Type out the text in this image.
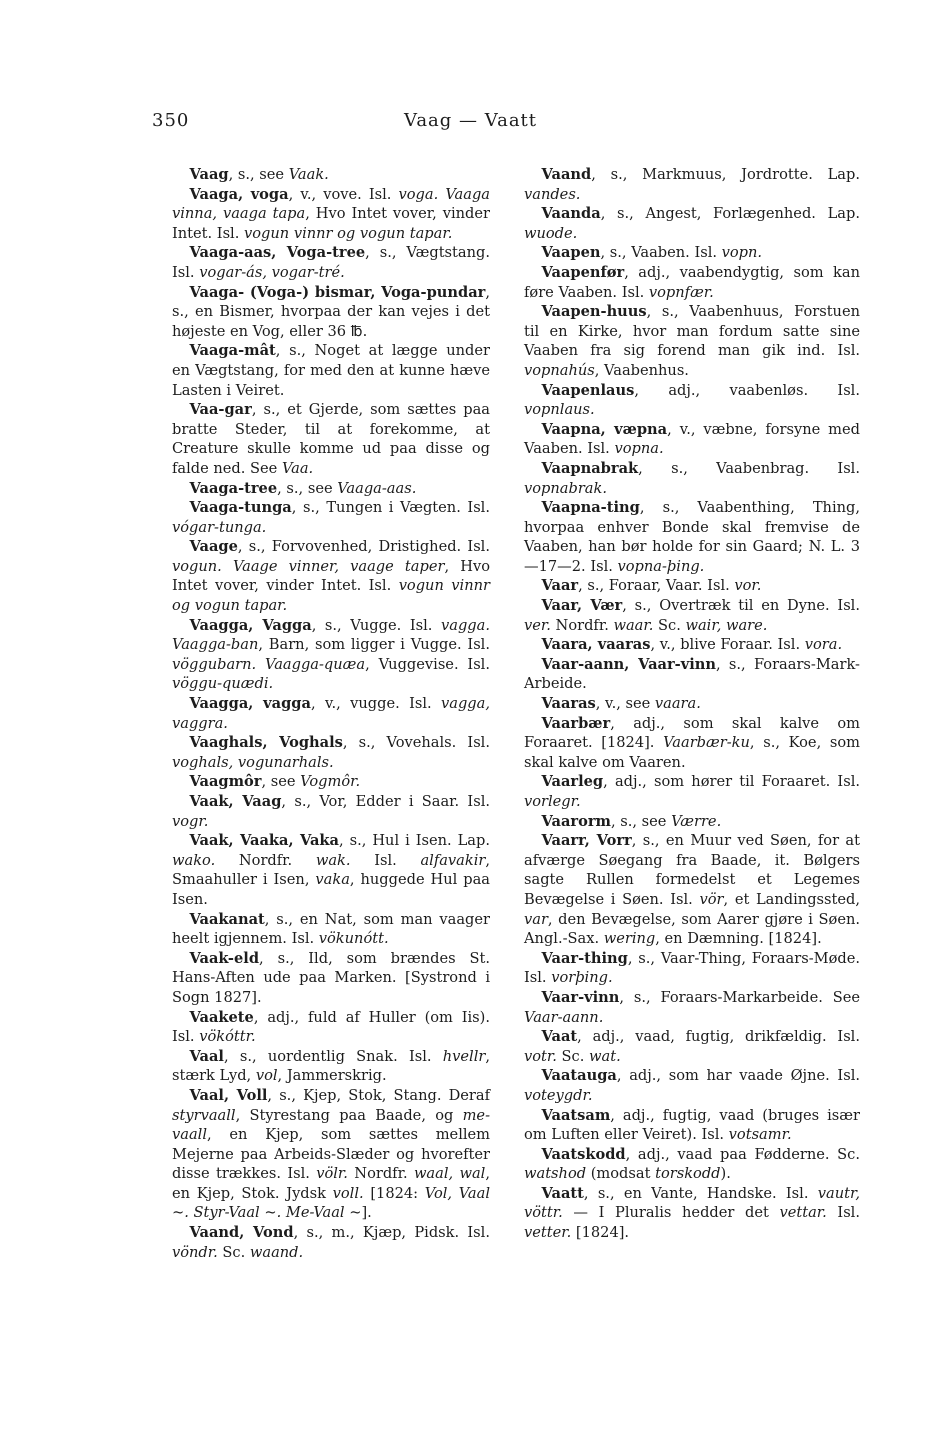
350	Vaag — Vaatt

Vaag, s., see Vaak.

Vaaga, voga, v., vove. Isl. voga. Vaaga vinna, vaaga tapa, Hvo Intet vover, vinder Intet. Isl. vogun vinnr og vogun tapar.

Vaaga-aas, Voga-tree, s., Vægtstang. Isl. vogar-ás, vogar-tré.

Vaaga- (Voga-) bismar, Voga-pundar, s., en Bismer, hvorpaa der kan vejes i det højeste en Vog, eller 36 ℔.

Vaaga-mât, s., Noget at lægge under en Vægtstang, for med den at kunne hæve Lasten i Veiret.

Vaa-gar, s., et Gjerde, som sættes paa bratte Steder, til at forekomme, at Creature skulle komme ud paa disse og falde ned. See Vaa.

Vaaga-tree, s., see Vaaga-aas.

Vaaga-tunga, s., Tungen i Vægten. Isl. vógar-tunga.

Vaage, s., Forvovenhed, Dristighed. Isl. vogun. Vaage vinner, vaage taper, Hvo Intet vover, vinder Intet. Isl. vogun vinnr og vogun tapar.

Vaagga, Vagga, s., Vugge. Isl. vagga. Vaagga-ban, Barn, som ligger i Vugge. Isl. vöggubarn. Vaagga-quæa, Vuggevise. Isl. vöggu-quædi.

Vaagga, vagga, v., vugge. Isl. vagga, vaggra.

Vaaghals, Voghals, s., Vovehals. Isl. voghals, vogunarhals.

Vaagmôr, see Vogmôr.

Vaak, Vaag, s., Vor, Edder i Saar. Isl. vogr.

Vaak, Vaaka, Vaka, s., Hul i Isen. Lap. wako. Nordfr. wak. Isl. alfavakir, Smaahuller i Isen, vaka, huggede Hul paa Isen.

Vaakanat, s., en Nat, som man vaager heelt igjennem. Isl. vökunótt.

Vaak-eld, s., Ild, som brændes St. Hans-Aften ude paa Marken. [Systrond i Sogn 1827].

Vaakete, adj., fuld af Huller (om Iis). Isl. vökóttr.

Vaal, s., uordentlig Snak. Isl. hvellr, stærk Lyd, vol, Jammerskrig.

Vaal, Voll, s., Kjep, Stok, Stang. Deraf styrvaall, Styrestang paa Baade, og me-vaall, en Kjep, som sættes mellem Mejerne paa Arbeids-Slæder og hvorefter disse trækkes. Isl. völr. Nordfr. waal, wal, en Kjep, Stok. Jydsk voll. [1824: Vol, Vaal ~. Styr-Vaal ~. Me-Vaal ~].

Vaand, Vond, s., m., Kjæp, Pidsk. Isl. vöndr. Sc. waand.

Vaand, s., Markmuus, Jordrotte. Lap. vandes.

Vaanda, s., Angest, Forlægenhed. Lap. wuode.

Vaapen, s., Vaaben. Isl. vopn.

Vaapenfør, adj., vaabendygtig, som kan føre Vaaben. Isl. vopnfær.

Vaapen-huus, s., Vaabenhuus, Forstuen til en Kirke, hvor man fordum satte sine Vaaben fra sig forend man gik ind. Isl. vopnahús, Vaabenhus.

Vaapenlaus, adj., vaabenløs. Isl. vopnlaus.

Vaapna, væpna, v., væbne, forsyne med Vaaben. Isl. vopna.

Vaapnabrak, s., Vaabenbrag. Isl. vopnabrak.

Vaapna-ting, s., Vaabenthing, Thing, hvorpaa enhver Bonde skal fremvise de Vaaben, han bør holde for sin Gaard; N. L. 3—17—2. Isl. vopna-þing.

Vaar, s., Foraar, Vaar. Isl. vor.

Vaar, Vær, s., Overtræk til en Dyne. Isl. ver. Nordfr. waar. Sc. wair, ware.

Vaara, vaaras, v., blive Foraar. Isl. vora.

Vaar-aann, Vaar-vinn, s., Foraars-Mark-Arbeide.

Vaaras, v., see vaara.

Vaarbær, adj., som skal kalve om Foraaret. [1824]. Vaarbær-ku, s., Koe, som skal kalve om Vaaren.

Vaarleg, adj., som hører til Foraaret. Isl. vorlegr.

Vaarorm, s., see Værre.

Vaarr, Vorr, s., en Muur ved Søen, for at afværge Søegang fra Baade, it. Bølgers sagte Rullen formedelst et Legemes Bevægelse i Søen. Isl. vör, et Landingssted, var, den Bevægelse, som Aarer gjøre i Søen. Angl.-Sax. wering, en Dæmning. [1824].

Vaar-thing, s., Vaar-Thing, Foraars-Møde. Isl. vorþing.

Vaar-vinn, s., Foraars-Markarbeide. See Vaar-aann.

Vaat, adj., vaad, fugtig, drikfældig. Isl. votr. Sc. wat.

Vaatauga, adj., som har vaade Øjne. Isl. voteygdr.

Vaatsam, adj., fugtig, vaad (bruges især om Luften eller Veiret). Isl. votsamr.

Vaatskodd, adj., vaad paa Fødderne. Sc. watshod (modsat torskodd).

Vaatt, s., en Vante, Handske. Isl. vautr, vöttr. — I Pluralis hedder det vettar. Isl. vetter. [1824].
